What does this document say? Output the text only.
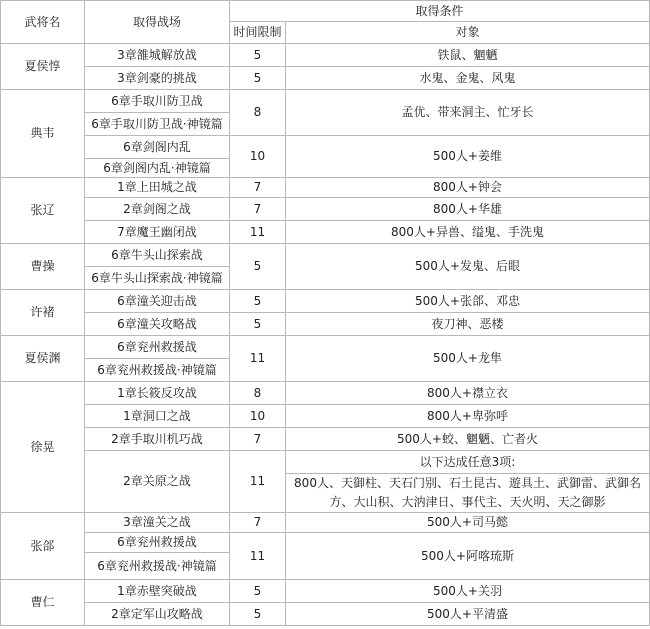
武将名	取得战场	取得条件	
		时间限制	对象
夏侯惇	3章雒城解放战	5	铁鼠、魍魉
	3章剑豪的挑战	5	水鬼、金鬼、风鬼
典韦	6章手取川防卫战	8	孟优、带来洞主、忙牙长
	6章手取川防卫战·神镜篇		
	6章剑阁内乱	10	500人+姜维
	6章剑阁内乱·神镜篇		
张辽	1章上田城之战	7	800人+钟会
	2章剑阁之战	7	800人+华雄
	7章魔王幽闭战	11	800人+异兽、缢鬼、手洗鬼
曹操	6章牛头山探索战	5	500人+发鬼、后眼
	6章牛头山探索战·神镜篇		
许褚	6章潼关迎击战	5	500人+张郃、邓忠
	6章潼关攻略战	5	夜刀神、恶楼
夏侯渊	6章兖州救援战	11	500人+龙隼
	6章兖州救援战·神镜篇		
徐晃	1章长筱反攻战	8	800人+襟立衣
	1章洞口之战	10	800人+卑弥呼
	2章手取川机巧战	7	500人+蛟、魍魉、亡者火
	2章关原之战	11	以下达成任意3项:
			800人、天御柱、天石门别、石土昆古、遊具土、武御雷、武御名方、大山积、大汭津日、事代主、天火明、天之御影
张郃	3章潼关之战	7	500人+司马懿
	6章兖州救援战	11	500人+阿喀琉斯
	6章兖州救援战·神镜篇		
曹仁	1章赤壁突破战	5	500人+关羽
	2章定军山攻略战	5	500人+平清盛
